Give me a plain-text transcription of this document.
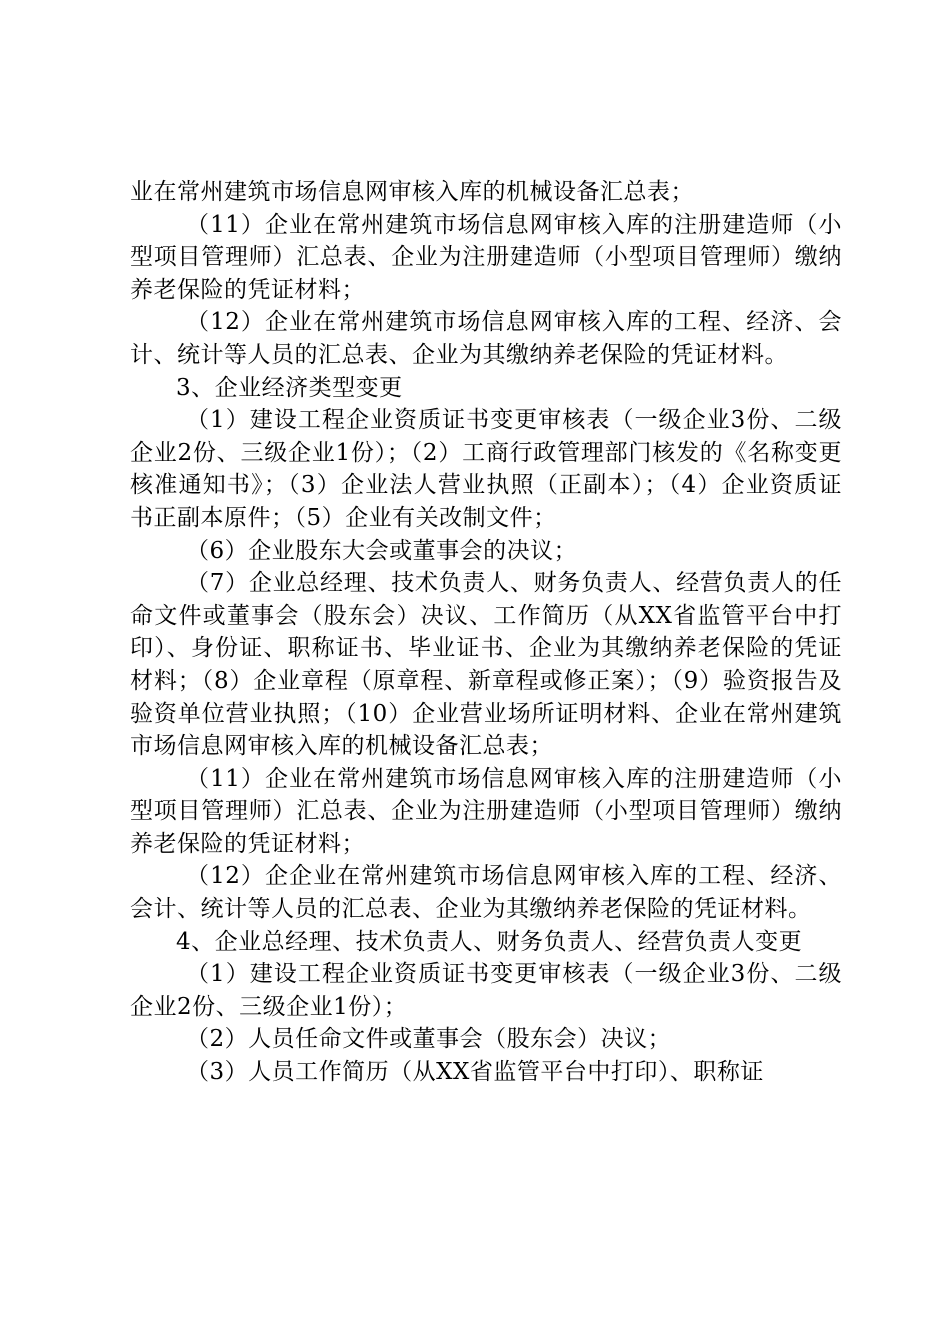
业在常州建筑市场信息网审核入库的机械设备汇总表；

（11）企业在常州建筑市场信息网审核入库的注册建造师（小型项目管理师）汇总表、企业为注册建造师（小型项目管理师）缴纳养老保险的凭证材料；

（12）企业在常州建筑市场信息网审核入库的工程、经济、会计、统计等人员的汇总表、企业为其缴纳养老保险的凭证材料。

3、企业经济类型变更

（1）建设工程企业资质证书变更审核表（一级企业3份、二级企业2份、三级企业1份）；（2）工商行政管理部门核发的《名称变更核准通知书》；（3）企业法人营业执照（正副本）；（4）企业资质证书正副本原件；（5）企业有关改制文件；

（6）企业股东大会或董事会的决议；

（7）企业总经理、技术负责人、财务负责人、经营负责人的任命文件或董事会（股东会）决议、工作简历（从XX省监管平台中打印）、身份证、职称证书、毕业证书、企业为其缴纳养老保险的凭证材料；（8）企业章程（原章程、新章程或修正案）；（9）验资报告及验资单位营业执照；（10）企业营业场所证明材料、企业在常州建筑市场信息网审核入库的机械设备汇总表；

（11）企业在常州建筑市场信息网审核入库的注册建造师（小型项目管理师）汇总表、企业为注册建造师（小型项目管理师）缴纳养老保险的凭证材料；

（12）企企业在常州建筑市场信息网审核入库的工程、经济、会计、统计等人员的汇总表、企业为其缴纳养老保险的凭证材料。

4、企业总经理、技术负责人、财务负责人、经营负责人变更

（1）建设工程企业资质证书变更审核表（一级企业3份、二级企业2份、三级企业1份）；

（2）人员任命文件或董事会（股东会）决议；

（3）人员工作简历（从XX省监管平台中打印）、职称证
